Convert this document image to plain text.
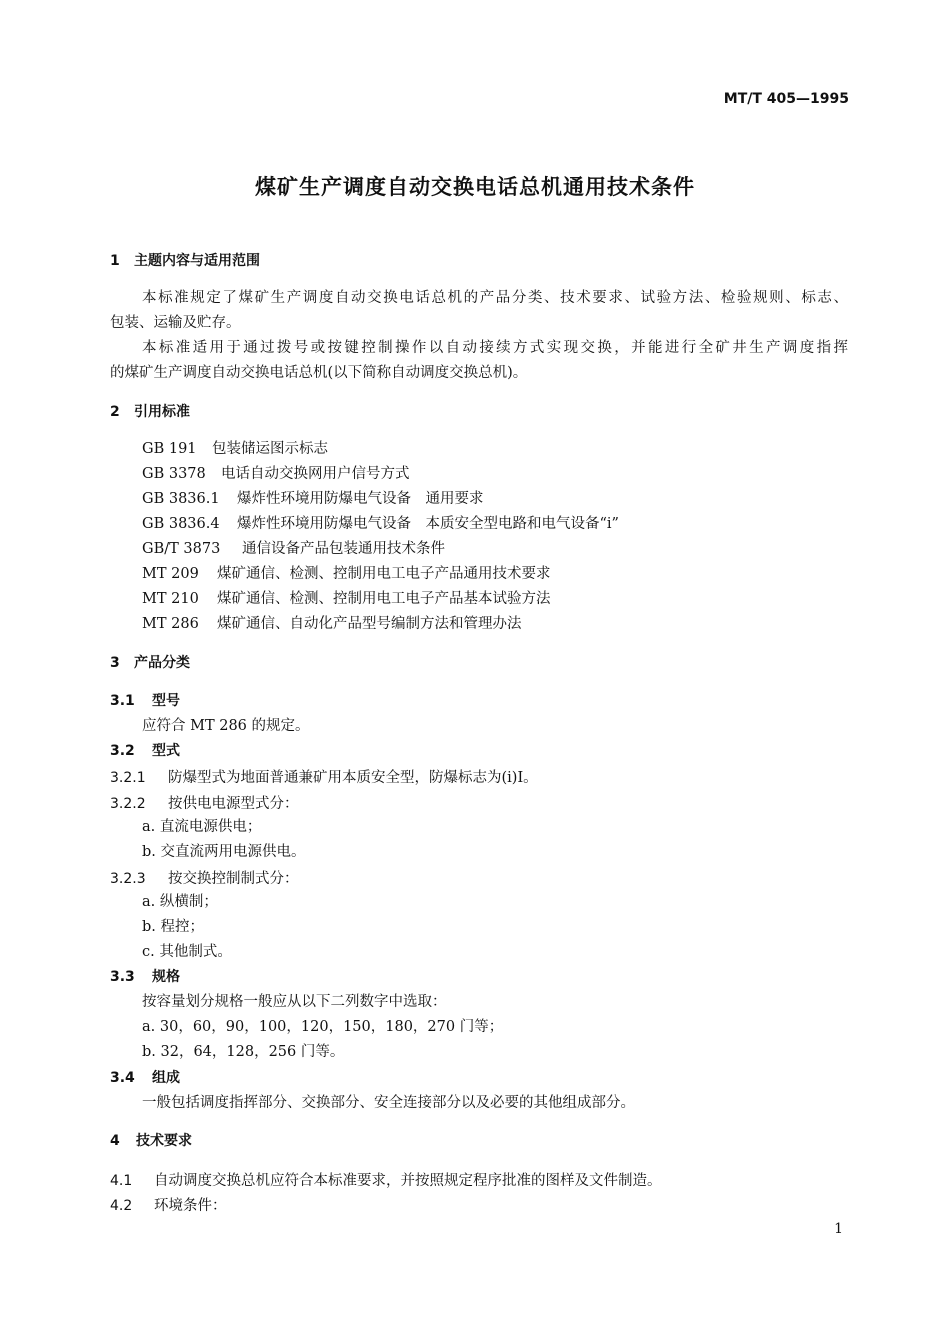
MT/T 405—1995
煤矿生产调度自动交换电话总机通用技术条件
1 主题内容与适用范围
本标准规定了煤矿生产调度自动交换电话总机的产品分类、技术要求、试验方法、检验规则、标志、
包装、运输及贮存。
本标准适用于通过拨号或按键控制操作以自动接续方式实现交换，并能进行全矿井生产调度指挥
的煤矿生产调度自动交换电话总机(以下简称自动调度交换总机)。
2 引用标准
GB 191 包装储运图示标志
GB 3378 电话自动交换网用户信号方式
GB 3836.1 爆炸性环境用防爆电气设备　通用要求
GB 3836.4 爆炸性环境用防爆电气设备　本质安全型电路和电气设备“i”
GB/T 3873 通信设备产品包装通用技术条件
MT 209 煤矿通信、检测、控制用电工电子产品通用技术要求
MT 210 煤矿通信、检测、控制用电工电子产品基本试验方法
MT 286 煤矿通信、自动化产品型号编制方法和管理办法
3 产品分类
3.1 型号
应符合 MT 286 的规定。
3.2 型式
3.2.1 防爆型式为地面普通兼矿用本质安全型，防爆标志为(i)I。
3.2.2 按供电电源型式分：
a. 直流电源供电；
b. 交直流两用电源供电。
3.2.3 按交换控制制式分：
a. 纵横制；
b. 程控；
c. 其他制式。
3.3 规格
按容量划分规格一般应从以下二列数字中选取：
a. 30，60，90，100，120，150，180，270 门等；
b. 32，64，128，256 门等。
3.4 组成
一般包括调度指挥部分、交换部分、安全连接部分以及必要的其他组成部分。
4 技术要求
4.1 自动调度交换总机应符合本标准要求，并按照规定程序批准的图样及文件制造。
4.2 环境条件：
1
